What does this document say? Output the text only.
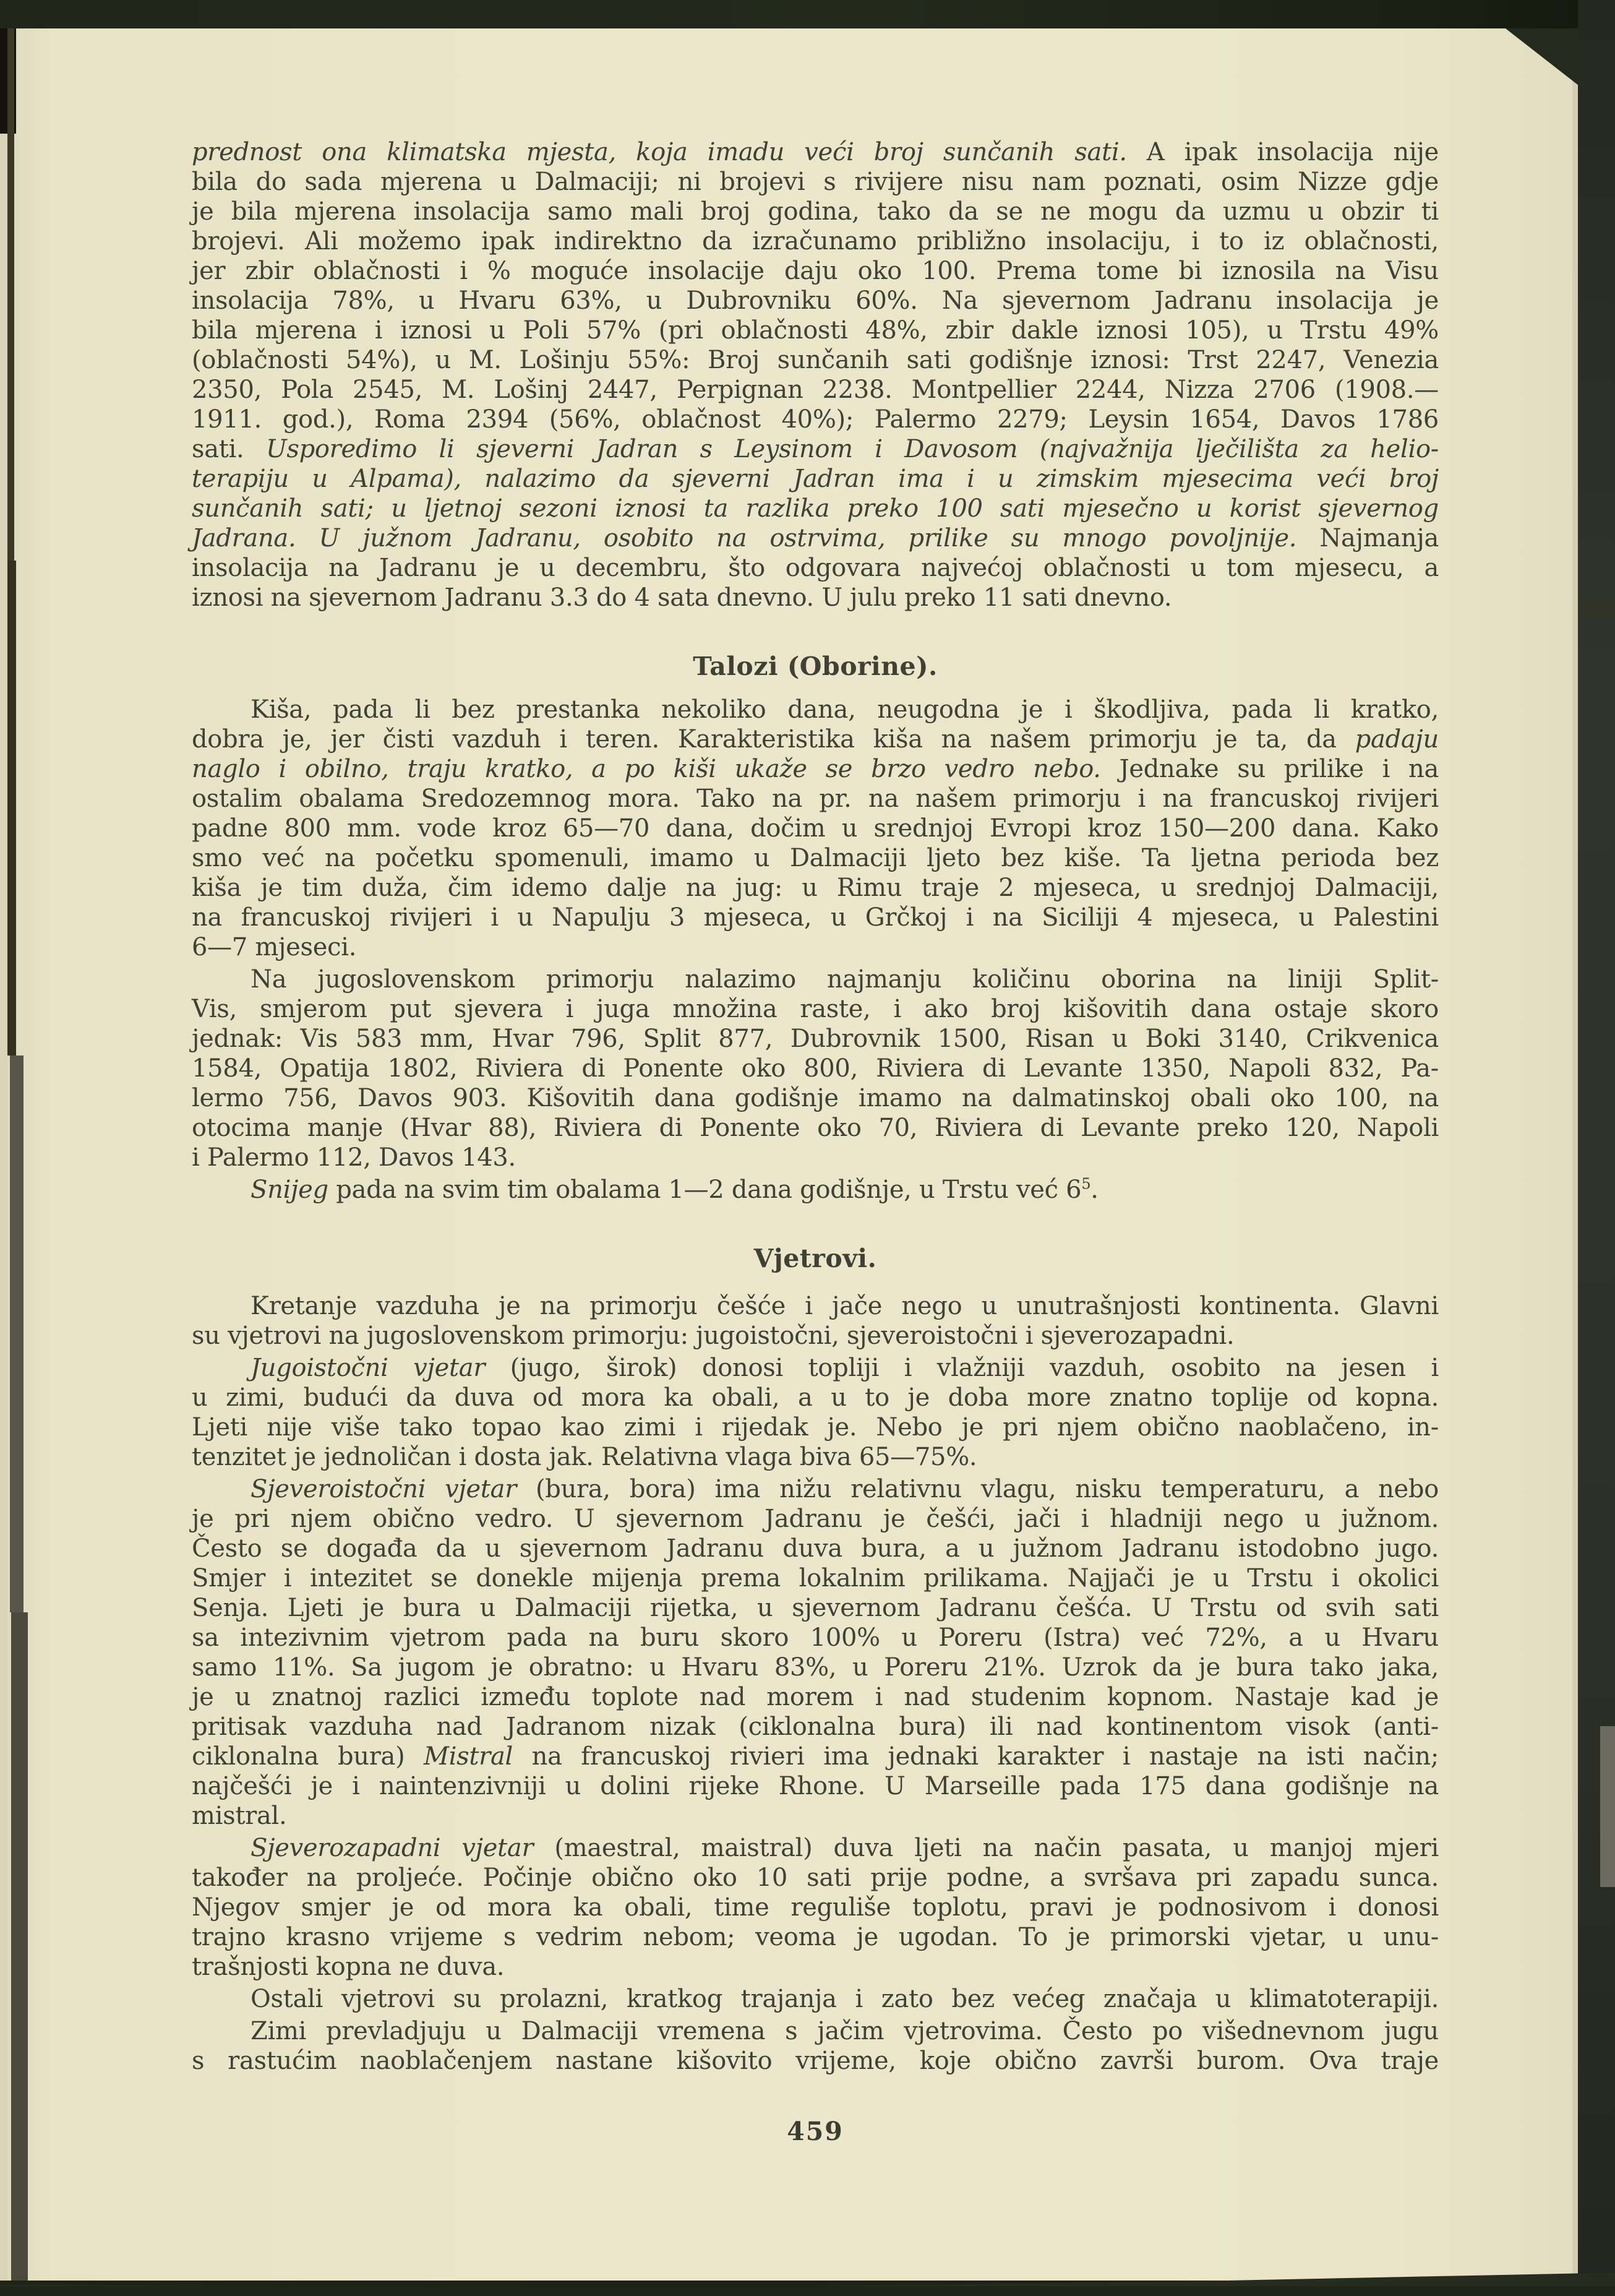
prednost ona klimatska mjesta, koja imadu veći broj sunčanih sati. A ipak insolacija nije
bila do sada mjerena u Dalmaciji; ni brojevi s rivijere nisu nam poznati, osim Nizze gdje
je bila mjerena insolacija samo mali broj godina, tako da se ne mogu da uzmu u obzir ti
brojevi. Ali možemo ipak indirektno da izračunamo približno insolaciju, i to iz oblačnosti,
jer zbir oblačnosti i % moguće insolacije daju oko 100. Prema tome bi iznosila na Visu
insolacija 78%, u Hvaru 63%, u Dubrovniku 60%. Na sjevernom Jadranu insolacija je
bila mjerena i iznosi u Poli 57% (pri oblačnosti 48%, zbir dakle iznosi 105), u Trstu 49%
(oblačnosti 54%), u M. Lošinju 55%: Broj sunčanih sati godišnje iznosi: Trst 2247, Venezia
2350, Pola 2545, M. Lošinj 2447, Perpignan 2238. Montpellier 2244, Nizza 2706 (1908.—
1911. god.), Roma 2394 (56%, oblačnost 40%); Palermo 2279; Leysin 1654, Davos 1786
sati. Usporedimo li sjeverni Jadran s Leysinom i Davosom (najvažnija lječilišta za helio-
terapiju u Alpama), nalazimo da sjeverni Jadran ima i u zimskim mjesecima veći broj
sunčanih sati; u ljetnoj sezoni iznosi ta razlika preko 100 sati mjesečno u korist sjevernog
Jadrana. U južnom Jadranu, osobito na ostrvima, prilike su mnogo povoljnije. Najmanja
insolacija na Jadranu je u decembru, što odgovara najvećoj oblačnosti u tom mjesecu, a
iznosi na sjevernom Jadranu 3.3 do 4 sata dnevno. U julu preko 11 sati dnevno.
Talozi (Oborine).
Kiša, pada li bez prestanka nekoliko dana, neugodna je i škodljiva, pada li kratko,
dobra je, jer čisti vazduh i teren. Karakteristika kiša na našem primorju je ta, da padaju
naglo i obilno, traju kratko, a po kiši ukaže se brzo vedro nebo. Jednake su prilike i na
ostalim obalama Sredozemnog mora. Tako na pr. na našem primorju i na francuskoj rivijeri
padne 800 mm. vode kroz 65—70 dana, dočim u srednjoj Evropi kroz 150—200 dana. Kako
smo već na početku spomenuli, imamo u Dalmaciji ljeto bez kiše. Ta ljetna perioda bez
kiša je tim duža, čim idemo dalje na jug: u Rimu traje 2 mjeseca, u srednjoj Dalmaciji,
na francuskoj rivijeri i u Napulju 3 mjeseca, u Grčkoj i na Siciliji 4 mjeseca, u Palestini
6—7 mjeseci.
Na jugoslovenskom primorju nalazimo najmanju količinu oborina na liniji Split-
Vis, smjerom put sjevera i juga množina raste, i ako broj kišovitih dana ostaje skoro
jednak: Vis 583 mm, Hvar 796, Split 877, Dubrovnik 1500, Risan u Boki 3140, Crikvenica
1584, Opatija 1802, Riviera di Ponente oko 800, Riviera di Levante 1350, Napoli 832, Pa-
lermo 756, Davos 903. Kišovitih dana godišnje imamo na dalmatinskoj obali oko 100, na
otocima manje (Hvar 88), Riviera di Ponente oko 70, Riviera di Levante preko 120, Napoli
i Palermo 112, Davos 143.
Snijeg pada na svim tim obalama 1—2 dana godišnje, u Trstu već $6^5$.
Vjetrovi.
Kretanje vazduha je na primorju češće i jače nego u unutrašnjosti kontinenta. Glavni
su vjetrovi na jugoslovenskom primorju: jugoistočni, sjeveroistočni i sjeverozapadni.
Jugoistočni vjetar (jugo, širok) donosi topliji i vlažniji vazduh, osobito na jesen i
u zimi, budući da duva od mora ka obali, a u to je doba more znatno toplije od kopna.
Ljeti nije više tako topao kao zimi i rijedak je. Nebo je pri njem obično naoblačeno, in-
tenzitet je jednoličan i dosta jak. Relativna vlaga biva 65—75%.
Sjeveroistočni vjetar (bura, bora) ima nižu relativnu vlagu, nisku temperaturu, a nebo
je pri njem obično vedro. U sjevernom Jadranu je češći, jači i hladniji nego u južnom.
Često se događa da u sjevernom Jadranu duva bura, a u južnom Jadranu istodobno jugo.
Smjer i intezitet se donekle mijenja prema lokalnim prilikama. Najjači je u Trstu i okolici
Senja. Ljeti je bura u Dalmaciji rijetka, u sjevernom Jadranu češća. U Trstu od svih sati
sa intezivnim vjetrom pada na buru skoro 100% u Poreru (Istra) već 72%, a u Hvaru
samo 11%. Sa jugom je obratno: u Hvaru 83%, u Poreru 21%. Uzrok da je bura tako jaka,
je u znatnoj razlici između toplote nad morem i nad studenim kopnom. Nastaje kad je
pritisak vazduha nad Jadranom nizak (ciklonalna bura) ili nad kontinentom visok (anti-
ciklonalna bura) Mistral na francuskoj rivieri ima jednaki karakter i nastaje na isti način;
najčešći je i naintenzivniji u dolini rijeke Rhone. U Marseille pada 175 dana godišnje na
mistral.
Sjeverozapadni vjetar (maestral, maistral) duva ljeti na način pasata, u manjoj mjeri
također na proljeće. Počinje obično oko 10 sati prije podne, a svršava pri zapadu sunca.
Njegov smjer je od mora ka obali, time reguliše toplotu, pravi je podnosivom i donosi
trajno krasno vrijeme s vedrim nebom; veoma je ugodan. To je primorski vjetar, u unu-
trašnjosti kopna ne duva.
Ostali vjetrovi su prolazni, kratkog trajanja i zato bez većeg značaja u klimatoterapiji.
Zimi prevladjuju u Dalmaciji vremena s jačim vjetrovima. Često po višednevnom jugu
s rastućim naoblačenjem nastane kišovito vrijeme, koje obično završi burom. Ova traje
459
